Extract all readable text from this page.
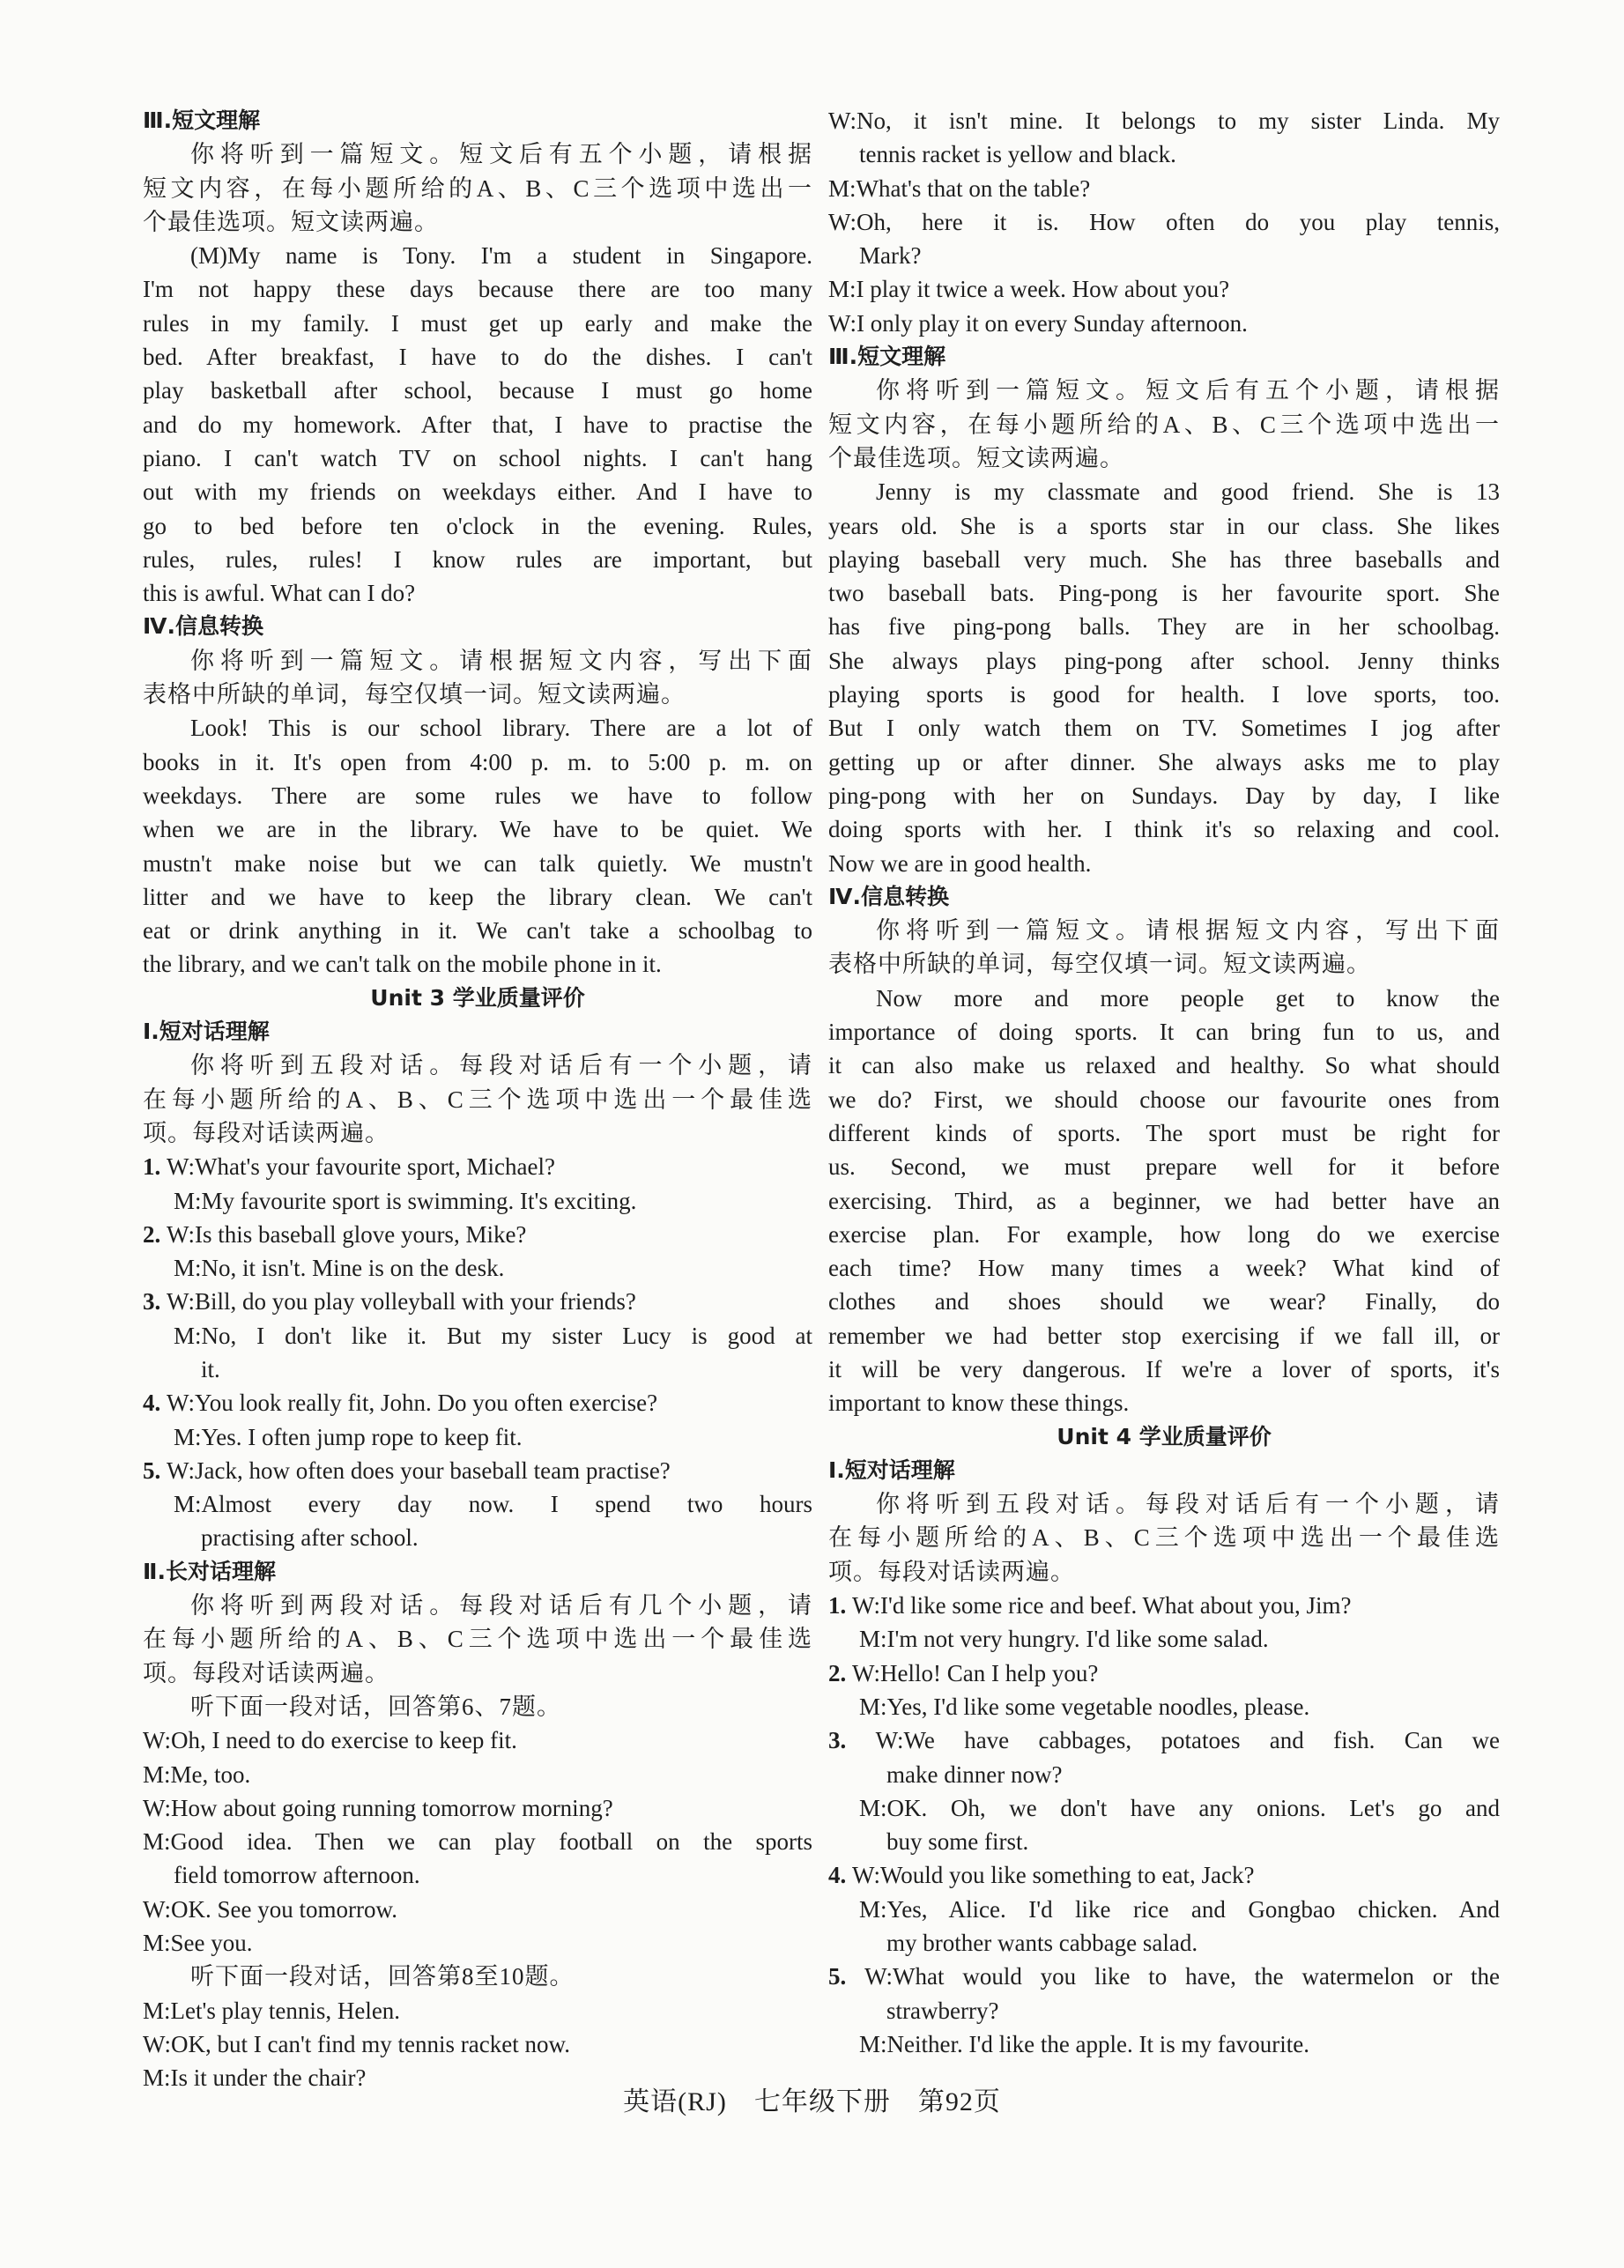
Ⅲ.短文理解
你将听到一篇短文。短文后有五个小题，请根据
短文内容，在每小题所给的A、B、C三个选项中选出一
个最佳选项。短文读两遍。
(M)My name is Tony. I'm a student in Singapore.
I'm not happy these days because there are too many
rules in my family. I must get up early and make the
bed. After breakfast, I have to do the dishes. I can't
play basketball after school, because I must go home
and do my homework. After that, I have to practise the
piano. I can't watch TV on school nights. I can't hang
out with my friends on weekdays either. And I have to
go to bed before ten o'clock in the evening. Rules,
rules, rules, rules! I know rules are important, but
this is awful. What can I do?
Ⅳ.信息转换
你将听到一篇短文。请根据短文内容，写出下面
表格中所缺的单词，每空仅填一词。短文读两遍。
Look! This is our school library. There are a lot of
books in it. It's open from 4:00 p. m. to 5:00 p. m. on
weekdays. There are some rules we have to follow
when we are in the library. We have to be quiet. We
mustn't make noise but we can talk quietly. We mustn't
litter and we have to keep the library clean. We can't
eat or drink anything in it. We can't take a schoolbag to
the library, and we can't talk on the mobile phone in it.
Unit 3 学业质量评价
Ⅰ.短对话理解
你将听到五段对话。每段对话后有一个小题，请
在每小题所给的A、B、C三个选项中选出一个最佳选
项。每段对话读两遍。
1. W:What's your favourite sport, Michael?
M:My favourite sport is swimming. It's exciting.
2. W:Is this baseball glove yours, Mike?
M:No, it isn't. Mine is on the desk.
3. W:Bill, do you play volleyball with your friends?
M:No, I don't like it. But my sister Lucy is good at
it.
4. W:You look really fit, John. Do you often exercise?
M:Yes. I often jump rope to keep fit.
5. W:Jack, how often does your baseball team practise?
M:Almost every day now. I spend two hours
practising after school.
Ⅱ.长对话理解
你将听到两段对话。每段对话后有几个小题，请
在每小题所给的A、B、C三个选项中选出一个最佳选
项。每段对话读两遍。
听下面一段对话，回答第6、7题。
W:Oh, I need to do exercise to keep fit.
M:Me, too.
W:How about going running tomorrow morning?
M:Good idea. Then we can play football on the sports
field tomorrow afternoon.
W:OK. See you tomorrow.
M:See you.
听下面一段对话，回答第8至10题。
M:Let's play tennis, Helen.
W:OK, but I can't find my tennis racket now.
M:Is it under the chair?
W:No, it isn't mine. It belongs to my sister Linda. My
tennis racket is yellow and black.
M:What's that on the table?
W:Oh, here it is. How often do you play tennis,
Mark?
M:I play it twice a week. How about you?
W:I only play it on every Sunday afternoon.
Ⅲ.短文理解
你将听到一篇短文。短文后有五个小题，请根据
短文内容，在每小题所给的A、B、C三个选项中选出一
个最佳选项。短文读两遍。
Jenny is my classmate and good friend. She is 13
years old. She is a sports star in our class. She likes
playing baseball very much. She has three baseballs and
two baseball bats. Ping-pong is her favourite sport. She
has five ping-pong balls. They are in her schoolbag.
She always plays ping-pong after school. Jenny thinks
playing sports is good for health. I love sports, too.
But I only watch them on TV. Sometimes I jog after
getting up or after dinner. She always asks me to play
ping-pong with her on Sundays. Day by day, I like
doing sports with her. I think it's so relaxing and cool.
Now we are in good health.
Ⅳ.信息转换
你将听到一篇短文。请根据短文内容，写出下面
表格中所缺的单词，每空仅填一词。短文读两遍。
Now more and more people get to know the
importance of doing sports. It can bring fun to us, and
it can also make us relaxed and healthy. So what should
we do? First, we should choose our favourite ones from
different kinds of sports. The sport must be right for
us. Second, we must prepare well for it before
exercising. Third, as a beginner, we had better have an
exercise plan. For example, how long do we exercise
each time? How many times a week? What kind of
clothes and shoes should we wear? Finally, do
remember we had better stop exercising if we fall ill, or
it will be very dangerous. If we're a lover of sports, it's
important to know these things.
Unit 4 学业质量评价
Ⅰ.短对话理解
你将听到五段对话。每段对话后有一个小题，请
在每小题所给的A、B、C三个选项中选出一个最佳选
项。每段对话读两遍。
1. W:I'd like some rice and beef. What about you, Jim?
M:I'm not very hungry. I'd like some salad.
2. W:Hello! Can I help you?
M:Yes, I'd like some vegetable noodles, please.
3. W:We have cabbages, potatoes and fish. Can we
make dinner now?
M:OK. Oh, we don't have any onions. Let's go and
buy some first.
4. W:Would you like something to eat, Jack?
M:Yes, Alice. I'd like rice and Gongbao chicken. And
my brother wants cabbage salad.
5. W:What would you like to have, the watermelon or the
strawberry?
M:Neither. I'd like the apple. It is my favourite.
英语(RJ)　七年级下册　第92页
